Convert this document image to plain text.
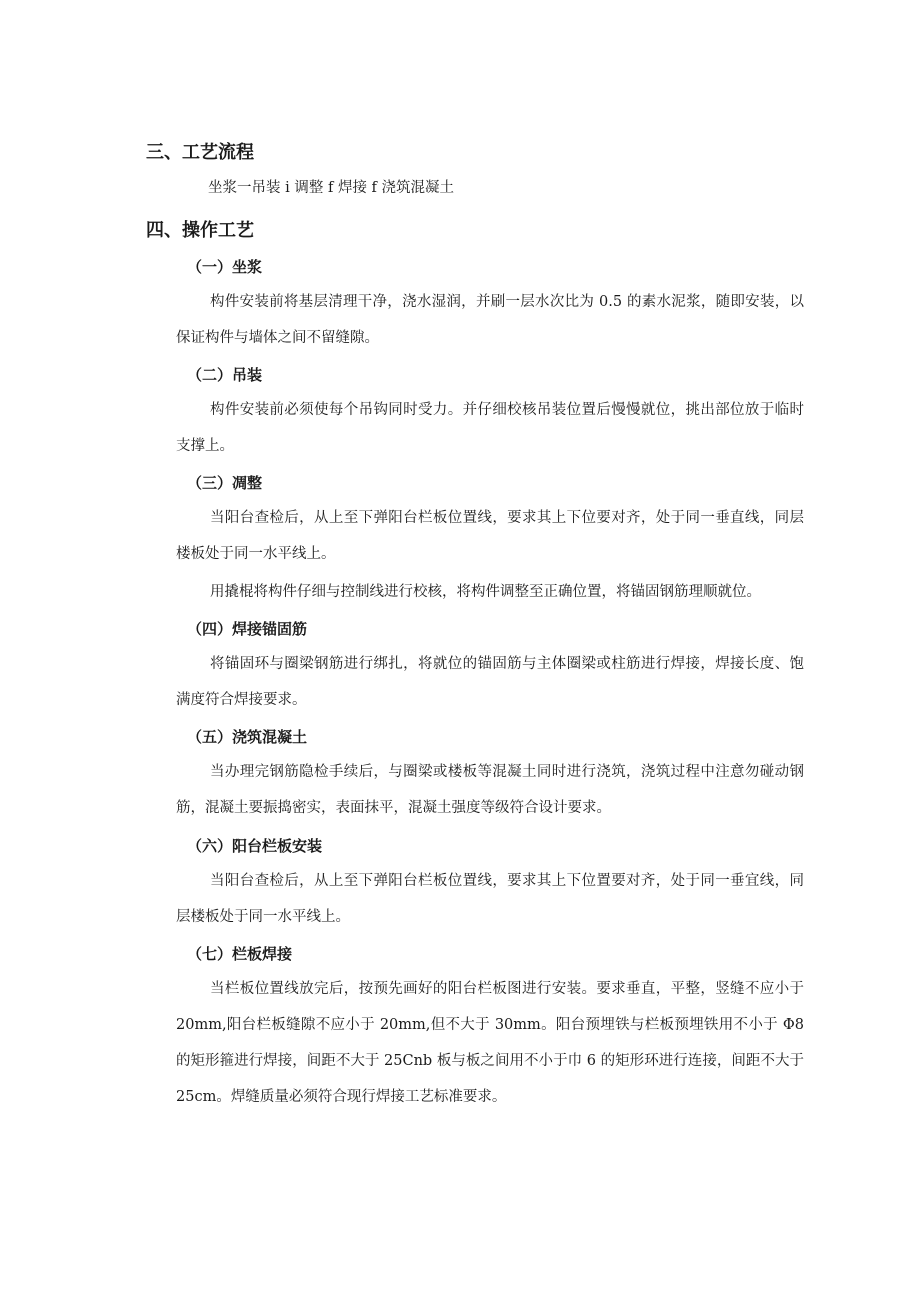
三、工艺流程

坐浆一吊装 i 调整 f 焊接 f 浇筑混凝土

四、操作工艺
（一）坐浆

构件安装前将基层清理干净，浇水湿润，并刷一层水次比为 0.5 的素水泥浆，随即安装，以保证构件与墙体之间不留缝隙。

（二）吊装

构件安装前必须使每个吊钩同时受力。并仔细校核吊装位置后慢慢就位，挑出部位放于临时支撑上。

（三）凋整

当阳台查检后，从上至下弹阳台栏板位置线，要求其上下位要对齐，处于同一垂直线，同层楼板处于同一水平线上。

用撬棍将构件仔细与控制线进行校核，将构件调整至正确位置，将锚固钢筋理顺就位。

（四）焊接锚固筋

将锚固环与圈梁钢筋进行绑扎，将就位的锚固筋与主体圈梁或柱筋进行焊接，焊接长度、饱满度符合焊接要求。

（五）浇筑混凝土

当办理完钢筋隐检手续后，与圈梁或楼板等混凝土同时进行浇筑，浇筑过程中注意勿碰动钢筋，混凝土要振捣密实，表面抹平，混凝土强度等级符合设计要求。

（六）阳台栏板安装

当阳台查检后，从上至下弹阳台栏板位置线，要求其上下位置要对齐，处于同一垂宜线，同层楼板处于同一水平线上。

（七）栏板焊接

当栏板位置线放完后，按预先画好的阳台栏板图进行安装。要求垂直，平整，竖缝不应小于 20mm,阳台栏板缝隙不应小于 20mm,但不大于 30mm。阳台预埋铁与栏板预埋铁用不小于 Φ8 的矩形箍进行焊接，间距不大于 25Cnb 板与板之间用不小于巾 6 的矩形环进行连接，间距不大于 25cm。焊缝质量必须符合现行焊接工艺标准要求。
